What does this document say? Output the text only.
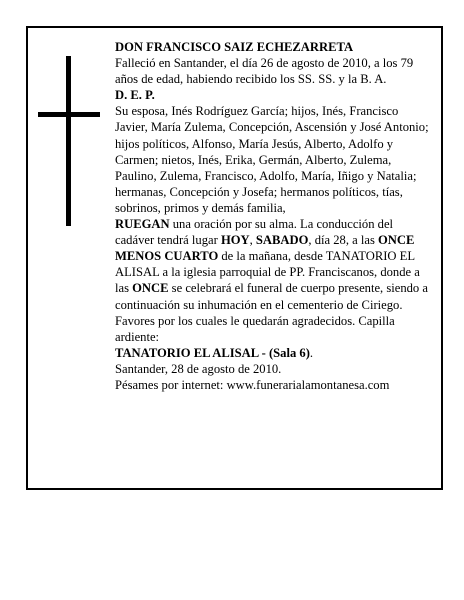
DON FRANCISCO SAIZ ECHEZARRETA

Falleció en Santander, el día 26 de agosto de 2010, a los 79 años de edad, habiendo recibido los SS. SS. y la B. A.

D. E. P.

Su esposa, Inés Rodríguez García; hijos, Inés, Francisco Javier, María Zulema, Concepción, Ascensión y José Antonio; hijos políticos, Alfonso, María Jesús, Alberto, Adolfo y Carmen; nietos, Inés, Erika, Germán, Alberto, Zulema, Paulino, Zulema, Francisco, Adolfo, María, Iñigo y Natalia; hermanas, Concepción y Josefa; hermanos políticos, tías, sobrinos, primos y demás familia,

RUEGAN una oración por su alma. La conducción del cadáver tendrá lugar HOY, SABADO, día 28, a las ONCE MENOS CUARTO de la mañana, desde TANATORIO EL ALISAL a la iglesia parroquial de PP. Franciscanos, donde a las ONCE se celebrará el funeral de cuerpo presente, siendo a continuación su inhumación en el cementerio de Ciriego. Favores por los cuales le quedarán agradecidos. Capilla ardiente:

TANATORIO EL ALISAL - (Sala 6).

Santander, 28 de agosto de 2010.

Pésames por internet: www.funerarialamontanesa.com
